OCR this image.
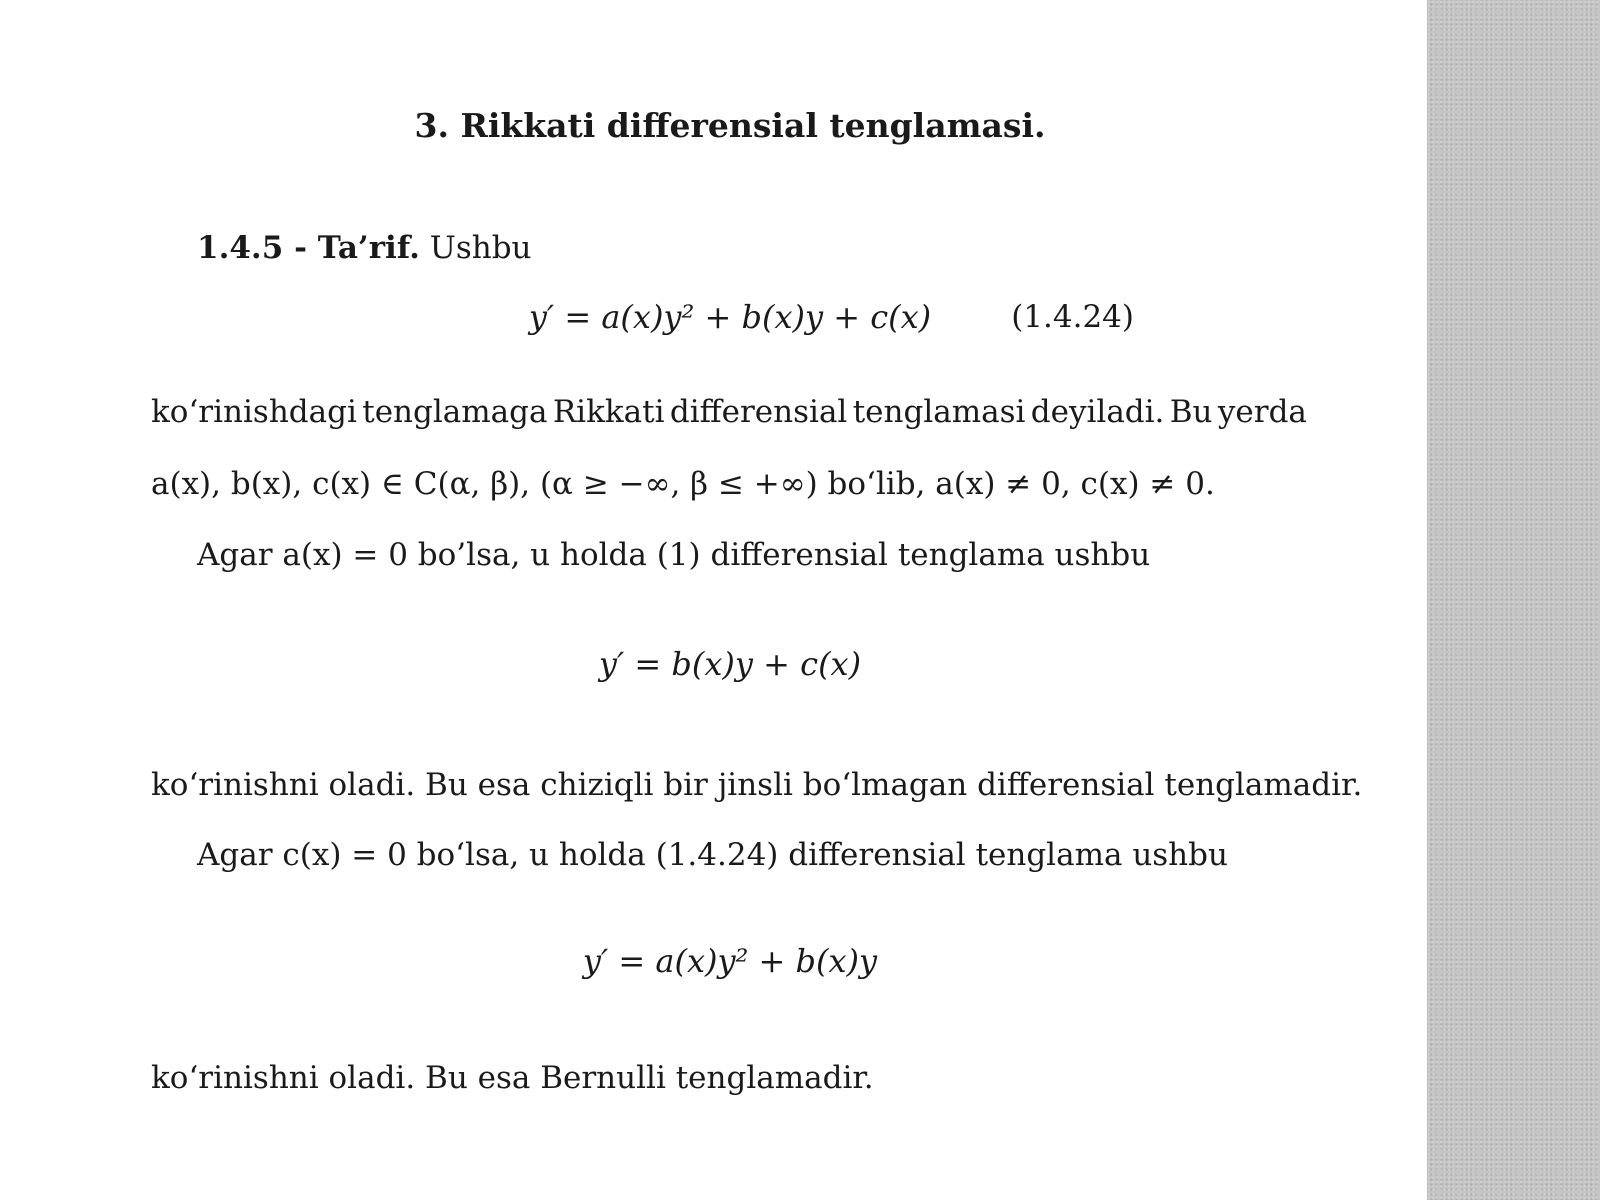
3. Rikkati differensial tenglamasi.
1.4.5 - Ta’rif. Ushbu
y′ = a(x)y² + b(x)y + c(x)	(1.4.24)
ko‘rinishdagi tenglamaga Rikkati differensial tenglamasi deyiladi. Bu yerda
a(x), b(x), c(x) ∈ C(α, β), (α ≥ −∞, β ≤ +∞) bo‘lib, a(x) ≠ 0, c(x) ≠ 0.
Agar a(x) = 0 bo’lsa, u holda (1) differensial tenglama ushbu
y′ = b(x)y + c(x)
ko‘rinishni oladi. Bu esa chiziqli bir jinsli bo‘lmagan differensial tenglamadir.
Agar c(x) = 0 bo‘lsa, u holda (1.4.24) differensial tenglama ushbu
y′ = a(x)y² + b(x)y
ko‘rinishni oladi. Bu esa Bernulli tenglamadir.
